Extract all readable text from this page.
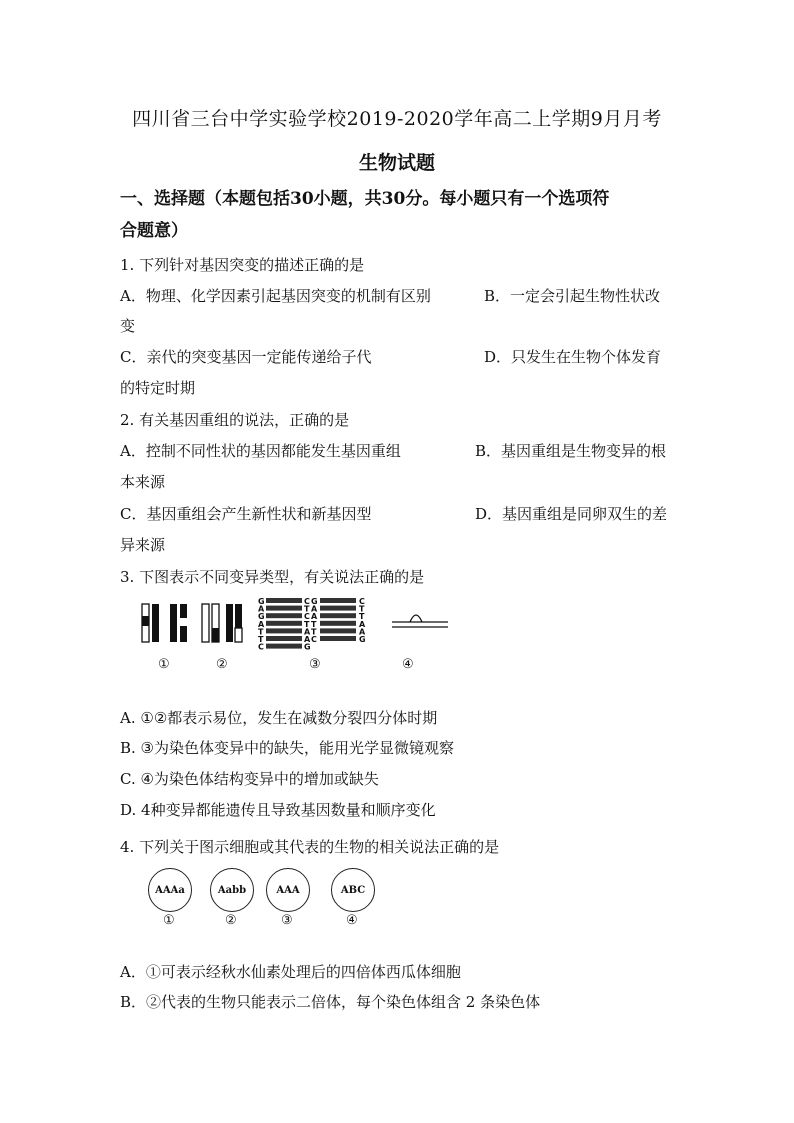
四川省三台中学实验学校2019-2020学年高二上学期9月月考
生物试题
一、选择题（本题包括30小题，共30分。每小题只有一个选项符
合题意）
1. 下列针对基因突变的描述正确的是
A．物理、化学因素引起基因突变的机制有区别	B．一定会引起生物性状改
变
C．亲代的突变基因一定能传递给子代	D．只发生在生物个体发育
的特定时期
2. 有关基因重组的说法，正确的是
A．控制不同性状的基因都能发生基因重组	B．基因重组是生物变异的根
本来源
C．基因重组会产生新性状和新基因型	D．基因重组是同卵双生的差
异来源
3. 下图表示不同变异类型，有关说法正确的是
G
A
G
A
T
T
C
C
T
C
T
A
A
G
G
A
A
T
T
C
C
T
T
A
A
G
①	②	③	④
A. ①②都表示易位，发生在减数分裂四分体时期
B. ③为染色体变异中的缺失，能用光学显微镜观察
C. ④为染色体结构变异中的增加或缺失
D. 4种变异都能遗传且导致基因数量和顺序变化
4. 下列关于图示细胞或其代表的生物的相关说法正确的是
AAAa	Aabb	AAA	ABC
①	②	③	④
A．①可表示经秋水仙素处理后的四倍体西瓜体细胞
B．②代表的生物只能表示二倍体，每个染色体组含 2 条染色体
